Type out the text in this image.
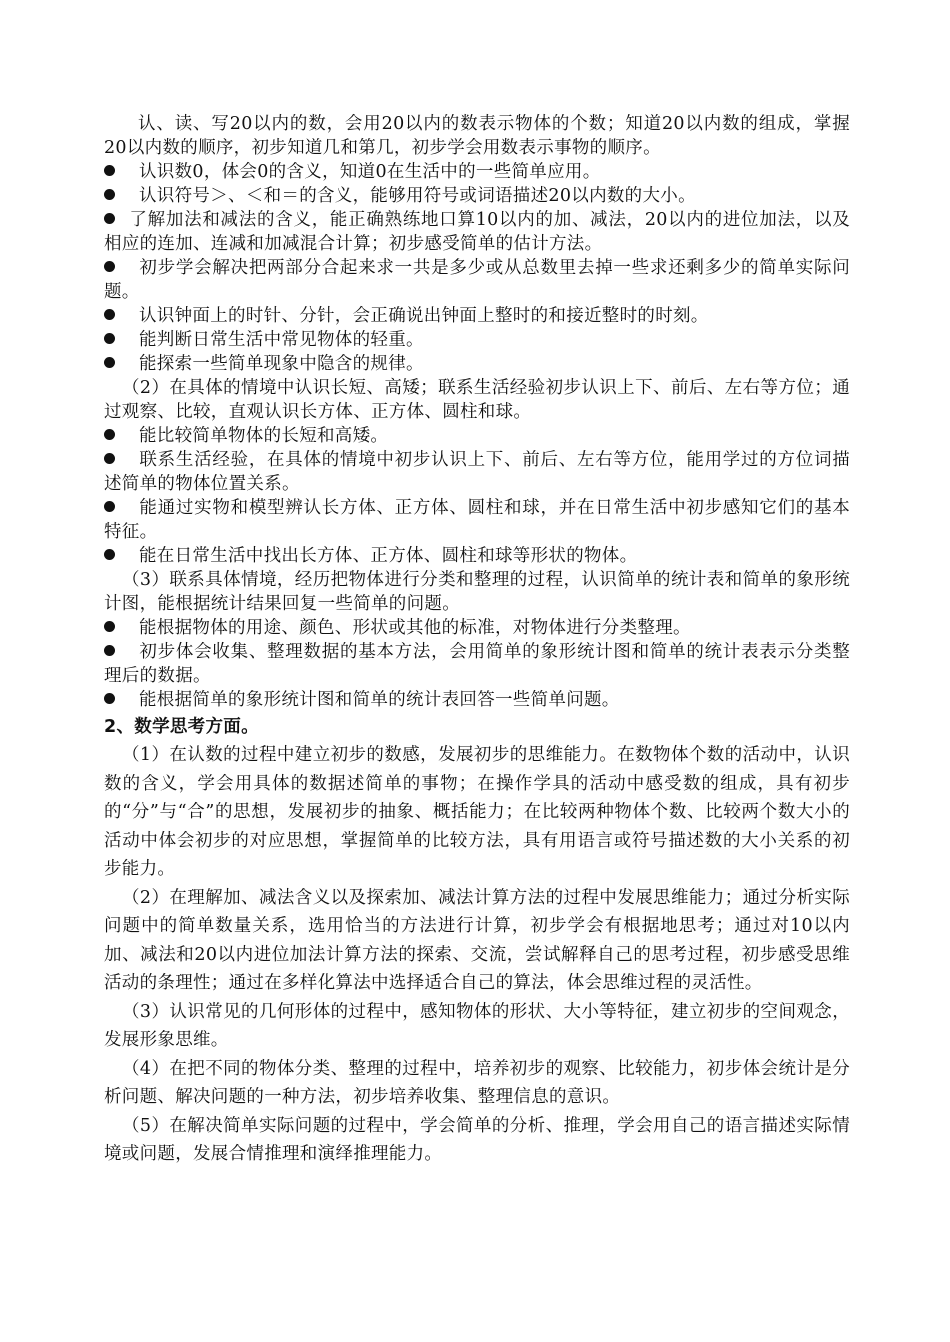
认、读、写20以内的数，会用20以内的数表示物体的个数；知道20以内数的组成，掌握20以内数的顺序，初步知道几和第几，初步学会用数表示事物的顺序。

认识数0，体会0的含义，知道0在生活中的一些简单应用。

认识符号＞、＜和＝的含义，能够用符号或词语描述20以内数的大小。

了解加法和减法的含义，能正确熟练地口算10以内的加、减法，20以内的进位加法，以及相应的连加、连减和加减混合计算；初步感受简单的估计方法。

初步学会解决把两部分合起来求一共是多少或从总数里去掉一些求还剩多少的简单实际问题。

认识钟面上的时针、分针，会正确说出钟面上整时的和接近整时的时刻。

能判断日常生活中常见物体的轻重。

能探索一些简单现象中隐含的规律。

（2）在具体的情境中认识长短、高矮；联系生活经验初步认识上下、前后、左右等方位；通过观察、比较，直观认识长方体、正方体、圆柱和球。

能比较简单物体的长短和高矮。

联系生活经验，在具体的情境中初步认识上下、前后、左右等方位，能用学过的方位词描述简单的物体位置关系。

能通过实物和模型辨认长方体、正方体、圆柱和球，并在日常生活中初步感知它们的基本特征。

能在日常生活中找出长方体、正方体、圆柱和球等形状的物体。

（3）联系具体情境，经历把物体进行分类和整理的过程，认识简单的统计表和简单的象形统计图，能根据统计结果回复一些简单的问题。

能根据物体的用途、颜色、形状或其他的标准，对物体进行分类整理。

初步体会收集、整理数据的基本方法，会用简单的象形统计图和简单的统计表表示分类整理后的数据。

能根据简单的象形统计图和简单的统计表回答一些简单问题。

2、数学思考方面。

（1）在认数的过程中建立初步的数感，发展初步的思维能力。在数物体个数的活动中，认识数的含义，学会用具体的数据述简单的事物；在操作学具的活动中感受数的组成，具有初步的“分”与“合”的思想，发展初步的抽象、概括能力；在比较两种物体个数、比较两个数大小的活动中体会初步的对应思想，掌握简单的比较方法，具有用语言或符号描述数的大小关系的初步能力。

（2）在理解加、减法含义以及探索加、减法计算方法的过程中发展思维能力；通过分析实际问题中的简单数量关系，选用恰当的方法进行计算，初步学会有根据地思考；通过对10以内加、减法和20以内进位加法计算方法的探索、交流，尝试解释自己的思考过程，初步感受思维活动的条理性；通过在多样化算法中选择适合自己的算法，体会思维过程的灵活性。

（3）认识常见的几何形体的过程中，感知物体的形状、大小等特征，建立初步的空间观念，发展形象思维。

（4）在把不同的物体分类、整理的过程中，培养初步的观察、比较能力，初步体会统计是分析问题、解决问题的一种方法，初步培养收集、整理信息的意识。

（5）在解决简单实际问题的过程中，学会简单的分析、推理，学会用自己的语言描述实际情境或问题，发展合情推理和演绎推理能力。
